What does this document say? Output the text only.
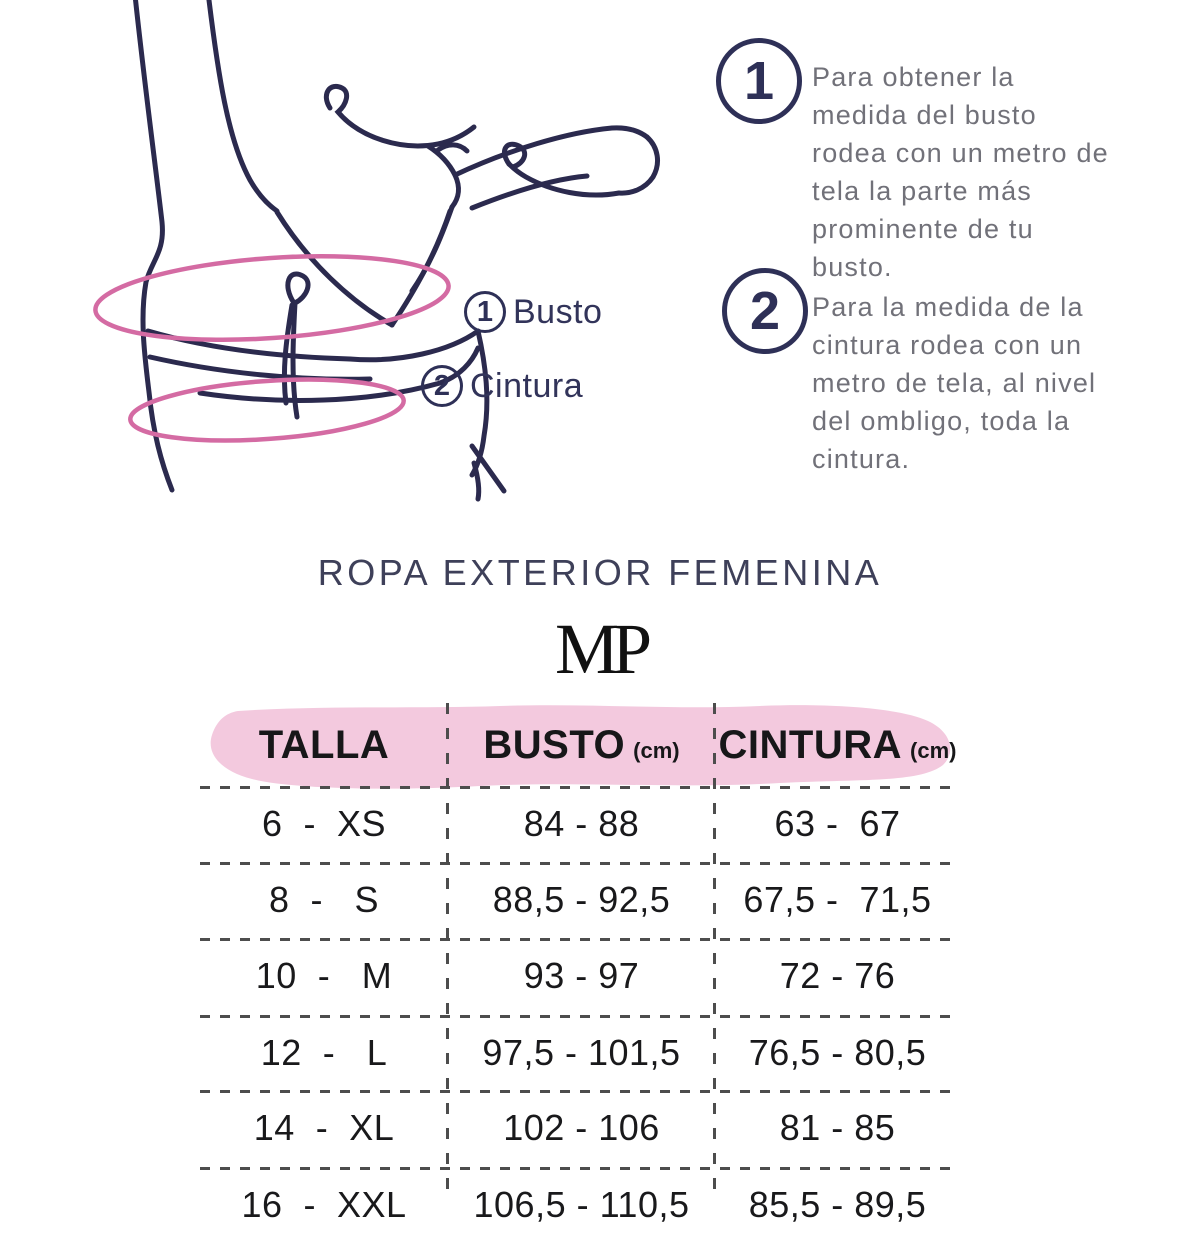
1 Busto
2 Cintura
1	Para obtener la medida del busto rodea con un metro de tela la parte más prominente de tu busto.
2	Para la medida de la cintura rodea con un metro de tela, al nivel del ombligo, toda la cintura.
ROPA EXTERIOR FEMENINA
MP
TALLA BUSTO (cm) CINTURA (cm)
6  -  XS	84 - 88	63 -  67
8  -   S	88,5 - 92,5	67,5 -  71,5
10  -   M	93 - 97	72 - 76
12  -   L	97,5 - 101,5	76,5 - 80,5
14  -  XL	102 - 106	81 - 85
16  -  XXL	106,5 - 110,5	85,5 - 89,5
